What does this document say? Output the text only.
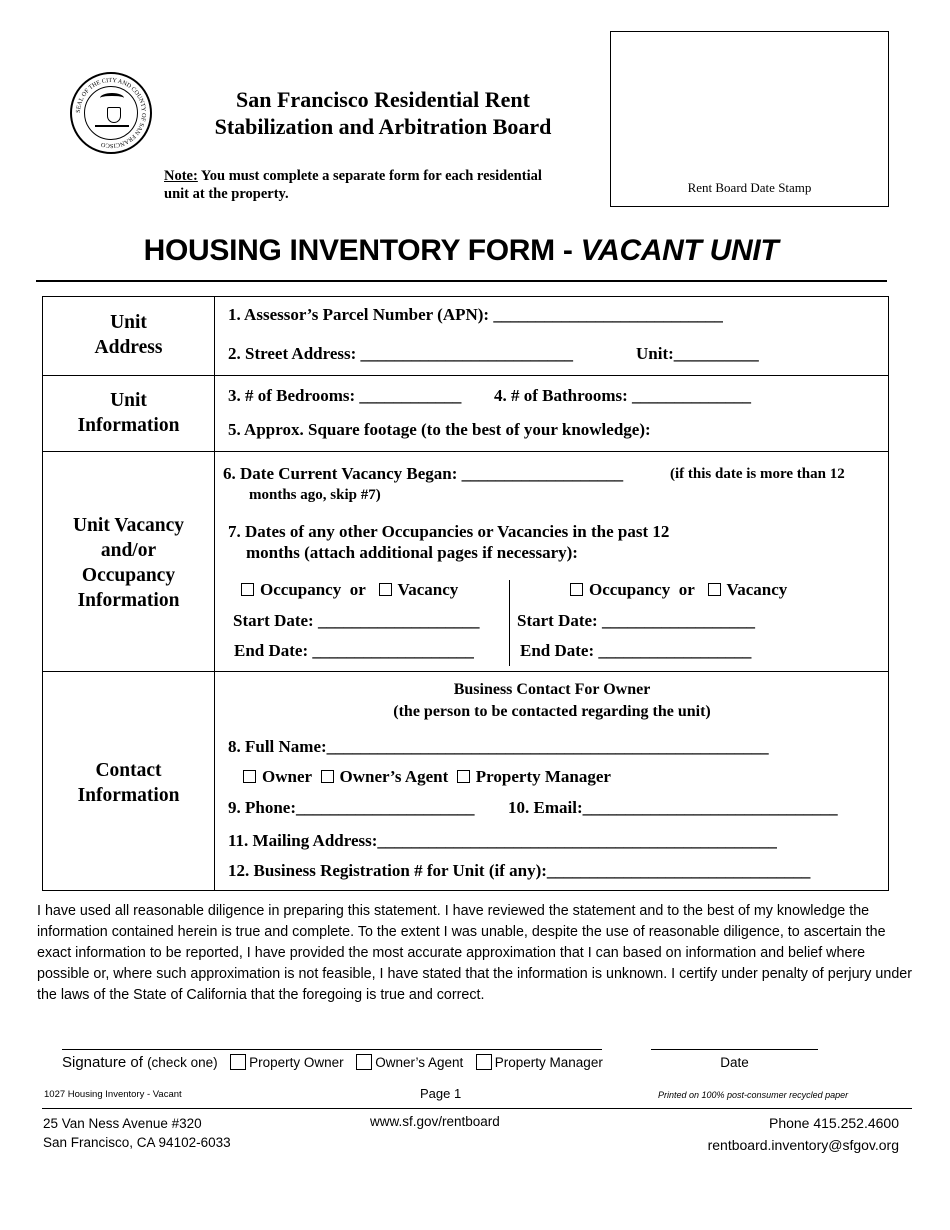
SEAL OF THE CITY AND COUNTY OF SAN FRANCISCO
San Francisco Residential Rent
Stabilization and Arbitration Board
Note: You must complete a separate form for each residential
unit at the property.	Rent Board Date Stamp
HOUSING INVENTORY FORM - VACANT UNIT
Unit
Address
1. Assessor’s Parcel Number (APN): ___________________________
2. Street Address: _________________________	Unit:__________
Unit
Information
3. # of Bedrooms: ____________ 4. # of Bathrooms: ______________
5. Approx. Square footage (to the best of your knowledge):
Unit Vacancy
and/or
Occupancy
Information
6. Date Current Vacancy Began: ___________________	(if this date is more than 12
months ago, skip #7)
7. Dates of any other Occupancies or Vacancies in the past 12
months (attach additional pages if necessary):
Occupancy or Vacancy
Start Date: ___________________
End Date: ___________________
Occupancy or Vacancy
Start Date: __________________
End Date: __________________
Contact
Information
Business Contact For Owner
(the person to be contacted regarding the unit)
8. Full Name:____________________________________________________
Owner Owner’s Agent Property Manager
9. Phone:_____________________ 10. Email:______________________________
11. Mailing Address:_______________________________________________
12. Business Registration # for Unit (if any):_______________________________
I have used all reasonable diligence in preparing this statement. I have reviewed the statement and to the best of my knowledge the information contained herein is true and complete. To the extent I was unable, despite the use of reasonable diligence, to ascertain the exact information to be reported, I have provided the most accurate approximation that I can based on information and belief where possible or, where such approximation is not feasible, I have stated that the information is unknown. I certify under penalty of perjury under the laws of the State of California that the foregoing is true and correct.
Signature of (check one) Property Owner Owner’s Agent Property Manager	Date
1027 Housing Inventory - Vacant	Page 1	Printed on 100% post-consumer recycled paper
25 Van Ness Avenue #320
San Francisco, CA 94102-6033
www.sf.gov/rentboard	Phone 415.252.4600
rentboard.inventory@sfgov.org
